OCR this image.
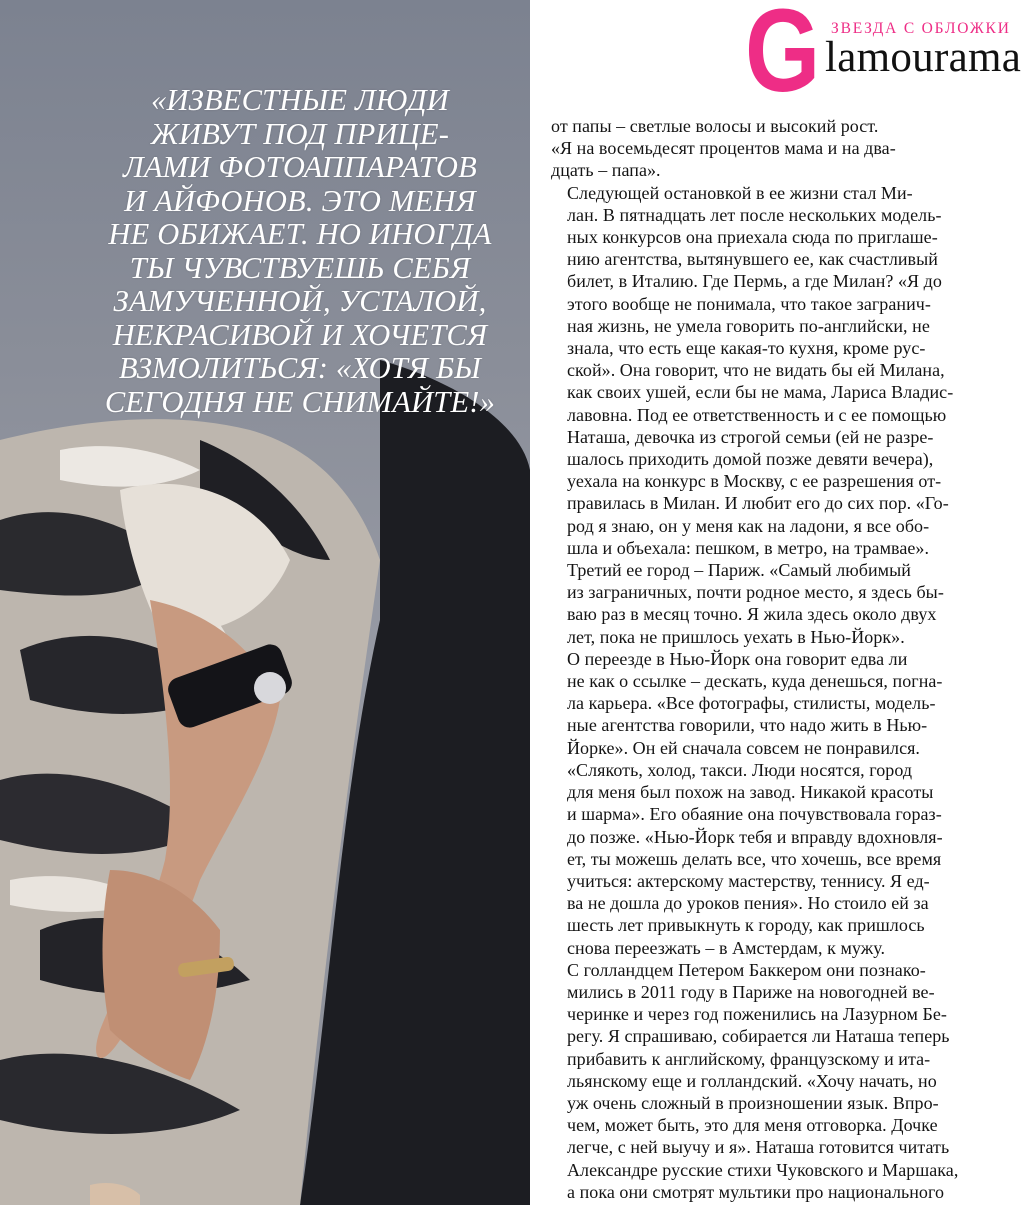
«ИЗВЕСТНЫЕ ЛЮДИ
ЖИВУТ ПОД ПРИЦЕ-
ЛАМИ ФОТОАППАРАТОВ
И АЙФОНОВ. ЭТО МЕНЯ
НЕ ОБИЖАЕТ. НО ИНОГДА
ТЫ ЧУВСТВУЕШЬ СЕБЯ
ЗАМУЧЕННОЙ, УСТАЛОЙ,
НЕКРАСИВОЙ И ХОЧЕТСЯ
ВЗМОЛИТЬСЯ: «ХОТЯ БЫ
СЕГОДНЯ НЕ СНИМАЙТЕ!»
G ЗВЕЗДА С ОБЛОЖКИ
lamourama

от папы – светлые волосы и высокий рост.
«Я на восемьдесят процентов мама и на два-
дцать – папа».

Следующей остановкой в ее жизни стал Ми-
лан. В пятнадцать лет после нескольких модель-
ных конкурсов она приехала сюда по приглаше-
нию агентства, вытянувшего ее, как счастливый
билет, в Италию. Где Пермь, а где Милан? «Я до
этого вообще не понимала, что такое загранич-
ная жизнь, не умела говорить по-английски, не
знала, что есть еще какая-то кухня, кроме рус-
ской». Она говорит, что не видать бы ей Милана,
как своих ушей, если бы не мама, Лариса Владис-
лавовна. Под ее ответственность и с ее помощью
Наташа, девочка из строгой семьи (ей не разре-
шалось приходить домой позже девяти вечера),
уехала на конкурс в Москву, с ее разрешения от-
правилась в Милан. И любит его до сих пор. «Го-
род я знаю, он у меня как на ладони, я все обо-
шла и объехала: пешком, в метро, на трамвае».

Третий ее город – Париж. «Самый любимый
из заграничных, почти родное место, я здесь бы-
ваю раз в месяц точно. Я жила здесь около двух
лет, пока не пришлось уехать в Нью-Йорк».

О переезде в Нью-Йорк она говорит едва ли
не как о ссылке – дескать, куда денешься, погна-
ла карьера. «Все фотографы, стилисты, модель-
ные агентства говорили, что надо жить в Нью-
Йорке». Он ей сначала совсем не понравился.
«Слякоть, холод, такси. Люди носятся, город
для меня был похож на завод. Никакой красоты
и шарма». Его обаяние она почувствовала гораз-
до позже. «Нью-Йорк тебя и вправду вдохновля-
ет, ты можешь делать все, что хочешь, все время
учиться: актерскому мастерству, теннису. Я ед-
ва не дошла до уроков пения». Но стоило ей за
шесть лет привыкнуть к городу, как пришлось
снова переезжать – в Амстердам, к мужу.

С голландцем Петером Баккером они познако-
мились в 2011 году в Париже на новогодней ве-
черинке и через год поженились на Лазурном Бе-
регу. Я спрашиваю, собирается ли Наташа теперь
прибавить к английскому, французскому и ита-
льянскому еще и голландский. «Хочу начать, но
уж очень сложный в произношении язык. Впро-
чем, может быть, это для меня отговорка. Дочке
легче, с ней выучу и я». Наташа готовится читать
Александре русские стихи Чуковского и Маршака,
а пока они смотрят мультики про национального
